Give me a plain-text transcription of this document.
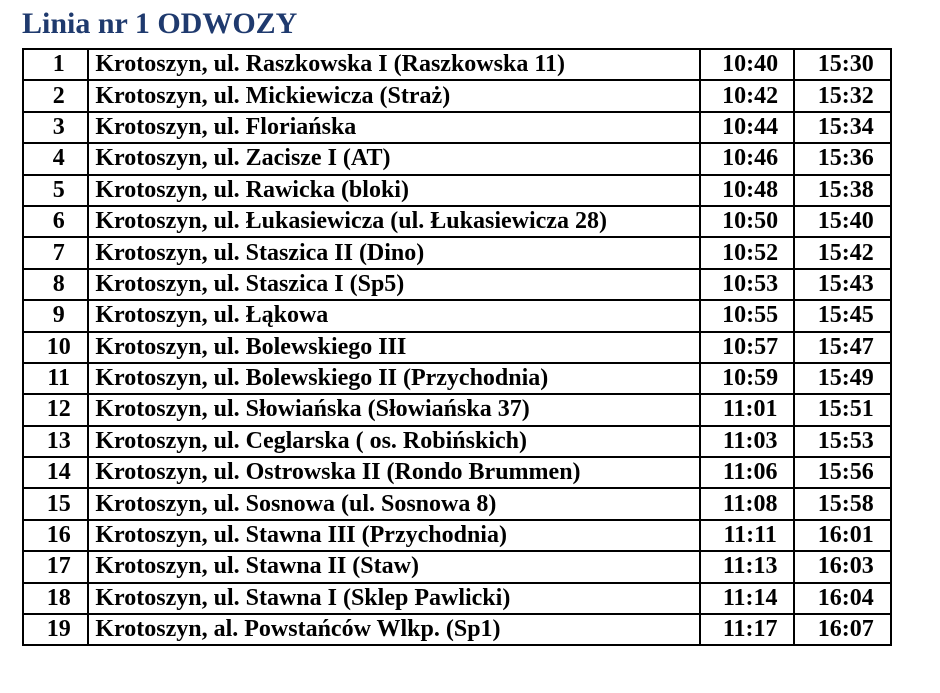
Linia nr 1 ODWOZY
1	Krotoszyn, ul. Raszkowska I (Raszkowska 11)	10:40	15:30
2	Krotoszyn, ul. Mickiewicza (Straż)	10:42	15:32
3	Krotoszyn, ul. Floriańska	10:44	15:34
4	Krotoszyn, ul. Zacisze I (AT)	10:46	15:36
5	Krotoszyn, ul. Rawicka (bloki)	10:48	15:38
6	Krotoszyn, ul. Łukasiewicza (ul. Łukasiewicza 28)	10:50	15:40
7	Krotoszyn, ul. Staszica II (Dino)	10:52	15:42
8	Krotoszyn, ul. Staszica I (Sp5)	10:53	15:43
9	Krotoszyn, ul. Łąkowa	10:55	15:45
10	Krotoszyn, ul. Bolewskiego III	10:57	15:47
11	Krotoszyn, ul. Bolewskiego II (Przychodnia)	10:59	15:49
12	Krotoszyn, ul. Słowiańska (Słowiańska 37)	11:01	15:51
13	Krotoszyn, ul. Ceglarska ( os. Robińskich)	11:03	15:53
14	Krotoszyn, ul. Ostrowska II (Rondo Brummen)	11:06	15:56
15	Krotoszyn, ul. Sosnowa (ul. Sosnowa 8)	11:08	15:58
16	Krotoszyn, ul. Stawna III (Przychodnia)	11:11	16:01
17	Krotoszyn, ul. Stawna II (Staw)	11:13	16:03
18	Krotoszyn, ul. Stawna I (Sklep Pawlicki)	11:14	16:04
19	Krotoszyn, al. Powstańców Wlkp. (Sp1)	11:17	16:07
